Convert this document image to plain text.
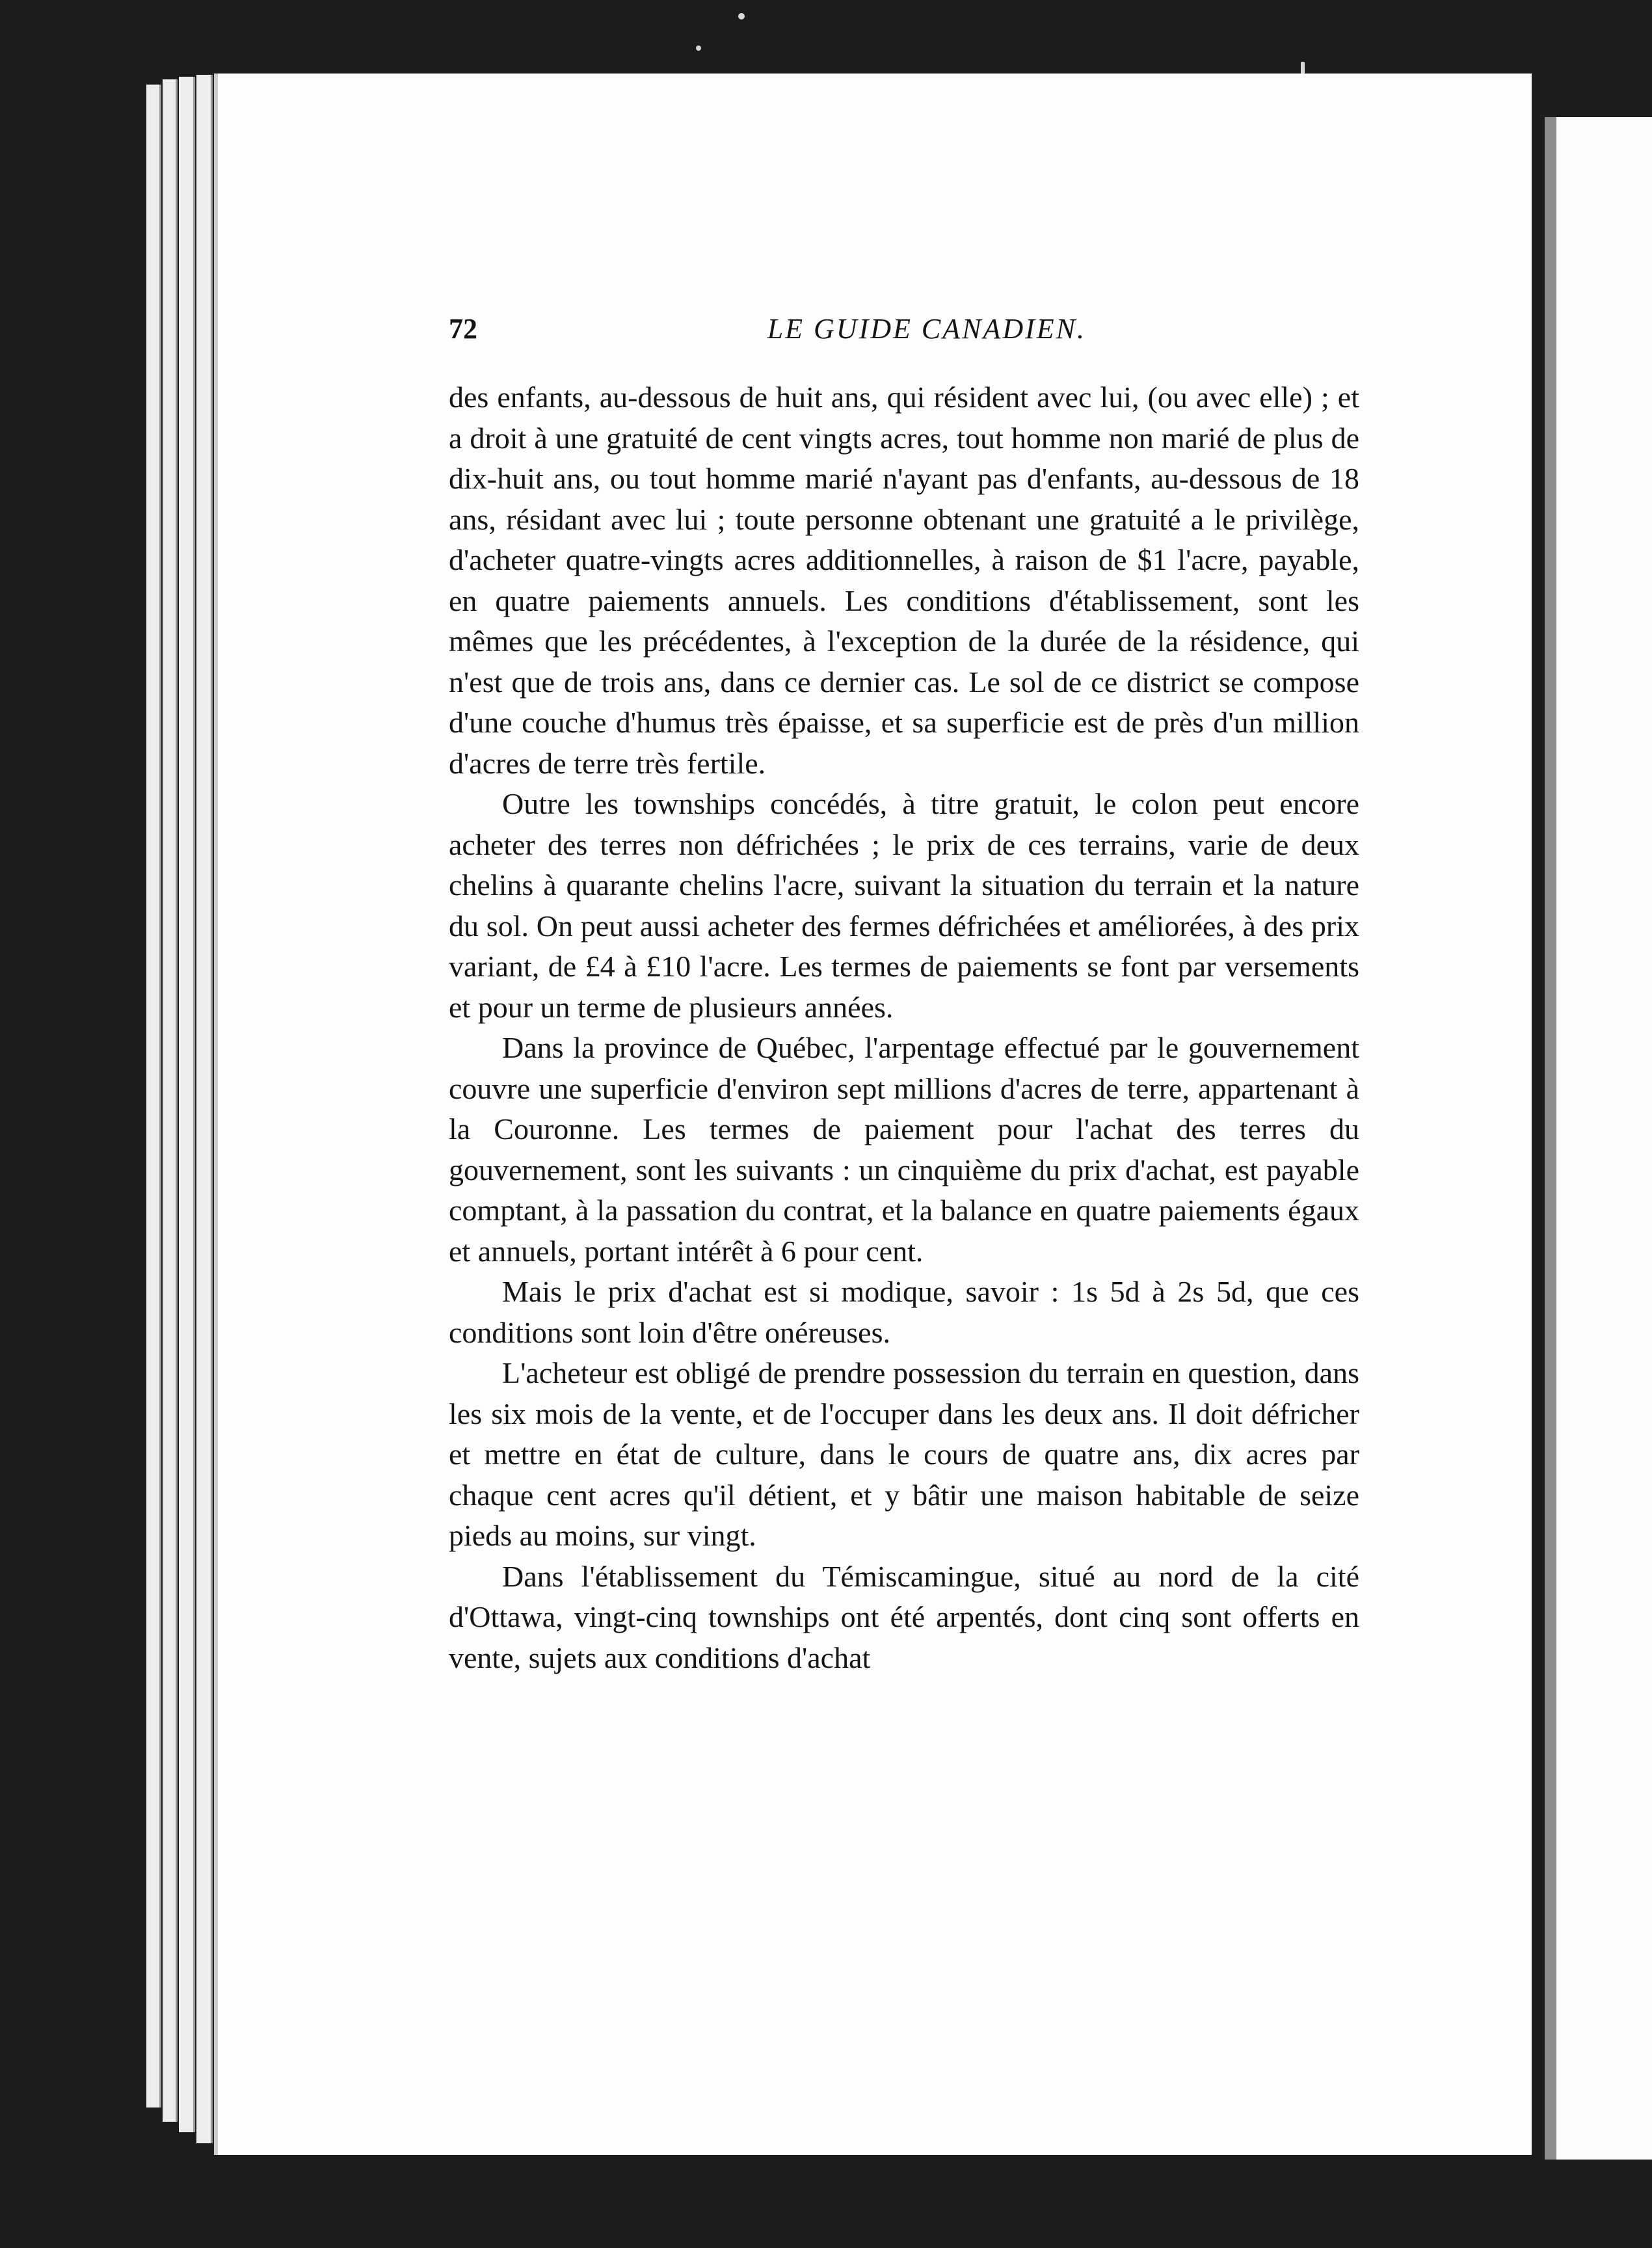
72	LE GUIDE CANADIEN.

des enfants, au-dessous de huit ans, qui résident avec lui, (ou avec elle) ; et a droit à une gratuité de cent vingts acres, tout homme non marié de plus de dix-huit ans, ou tout homme marié n'ayant pas d'enfants, au-dessous de 18 ans, résidant avec lui ; toute personne obtenant une gratuité a le privilège, d'acheter quatre-vingts acres additionnelles, à raison de $1 l'acre, payable, en quatre paiements annuels. Les conditions d'établissement, sont les mêmes que les précédentes, à l'exception de la durée de la résidence, qui n'est que de trois ans, dans ce dernier cas. Le sol de ce district se compose d'une couche d'humus très épaisse, et sa superficie est de près d'un million d'acres de terre très fertile.

Outre les townships concédés, à titre gratuit, le colon peut encore acheter des terres non défrichées ; le prix de ces terrains, varie de deux chelins à quarante chelins l'acre, suivant la situation du terrain et la nature du sol. On peut aussi acheter des fermes défrichées et améliorées, à des prix variant, de £4 à £10 l'acre. Les termes de paiements se font par versements et pour un terme de plusieurs années.

Dans la province de Québec, l'arpentage effectué par le gouvernement couvre une superficie d'environ sept millions d'acres de terre, appartenant à la Couronne. Les termes de paiement pour l'achat des terres du gouvernement, sont les suivants : un cinquième du prix d'achat, est payable comptant, à la passation du contrat, et la balance en quatre paiements égaux et annuels, portant intérêt à 6 pour cent.

Mais le prix d'achat est si modique, savoir : 1s 5d à 2s 5d, que ces conditions sont loin d'être onéreuses.

L'acheteur est obligé de prendre possession du terrain en question, dans les six mois de la vente, et de l'occuper dans les deux ans. Il doit défricher et mettre en état de culture, dans le cours de quatre ans, dix acres par chaque cent acres qu'il détient, et y bâtir une maison habitable de seize pieds au moins, sur vingt.

Dans l'établissement du Témiscamingue, situé au nord de la cité d'Ottawa, vingt-cinq townships ont été arpentés, dont cinq sont offerts en vente, sujets aux conditions d'achat
